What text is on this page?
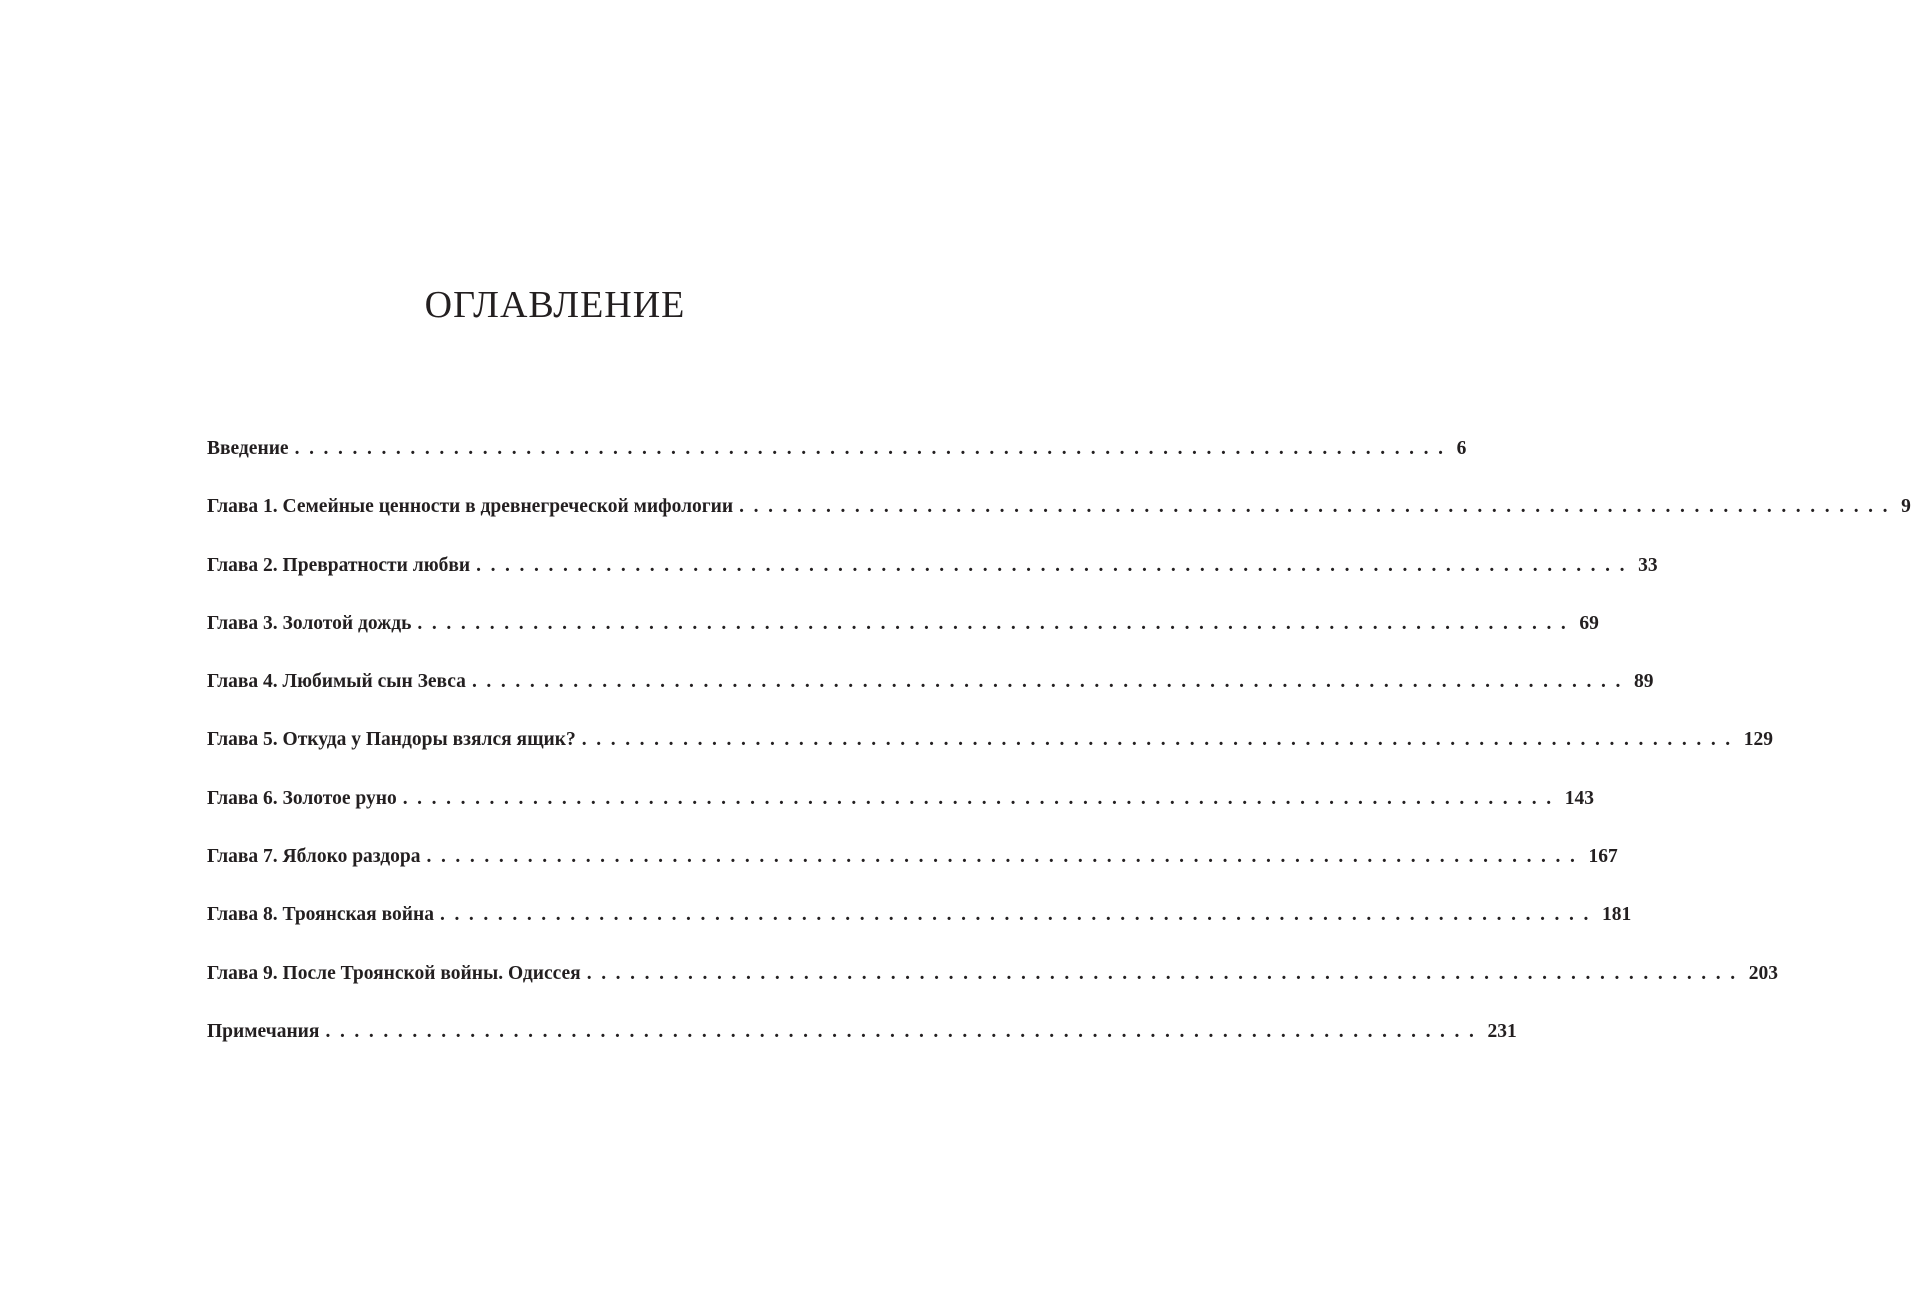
ОГЛАВЛЕНИЕ
Введение ................................................................................ 6
Глава 1. Семейные ценности в древнегреческой мифологии ................................................................................ 9
Глава 2. Превратности любви ................................................................................ 33
Глава 3. Золотой дождь ................................................................................ 69
Глава 4. Любимый сын Зевса ................................................................................ 89
Глава 5. Откуда у Пандоры взялся ящик? ................................................................................ 129
Глава 6. Золотое руно ................................................................................ 143
Глава 7. Яблоко раздора ................................................................................ 167
Глава 8. Троянская война ................................................................................ 181
Глава 9. После Троянской войны. Одиссея ................................................................................ 203
Примечания ................................................................................ 231
